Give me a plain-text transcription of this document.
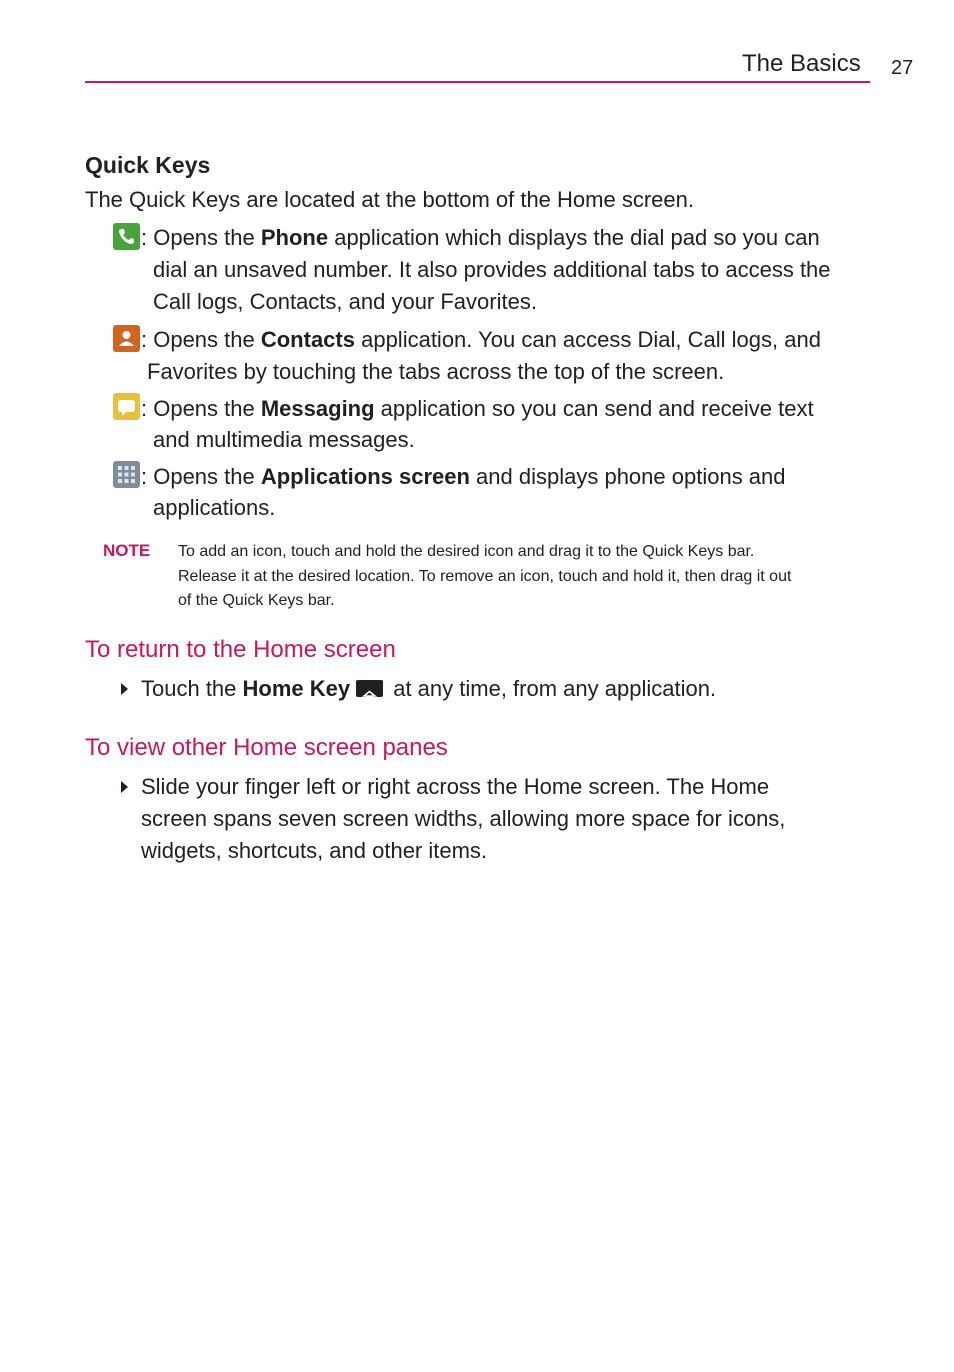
The Basics 27
Quick Keys
The Quick Keys are located at the bottom of the Home screen.
: Opens the Phone application which displays the dial pad so you can
dial an unsaved number. It also provides additional tabs to access the
Call logs, Contacts, and your Favorites.
: Opens the Contacts application. You can access Dial, Call logs, and
Favorites by touching the tabs across the top of the screen.
: Opens the Messaging application so you can send and receive text
and multimedia messages.
: Opens the Applications screen and displays phone options and
applications.
NOTE To add an icon, touch and hold the desired icon and drag it to the Quick Keys bar.
Release it at the desired location. To remove an icon, touch and hold it, then drag it out
of the Quick Keys bar.
To return to the Home screen
Touch the Home Key at any time, from any application.
To view other Home screen panes
Slide your finger left or right across the Home screen. The Home
screen spans seven screen widths, allowing more space for icons,
widgets, shortcuts, and other items.
